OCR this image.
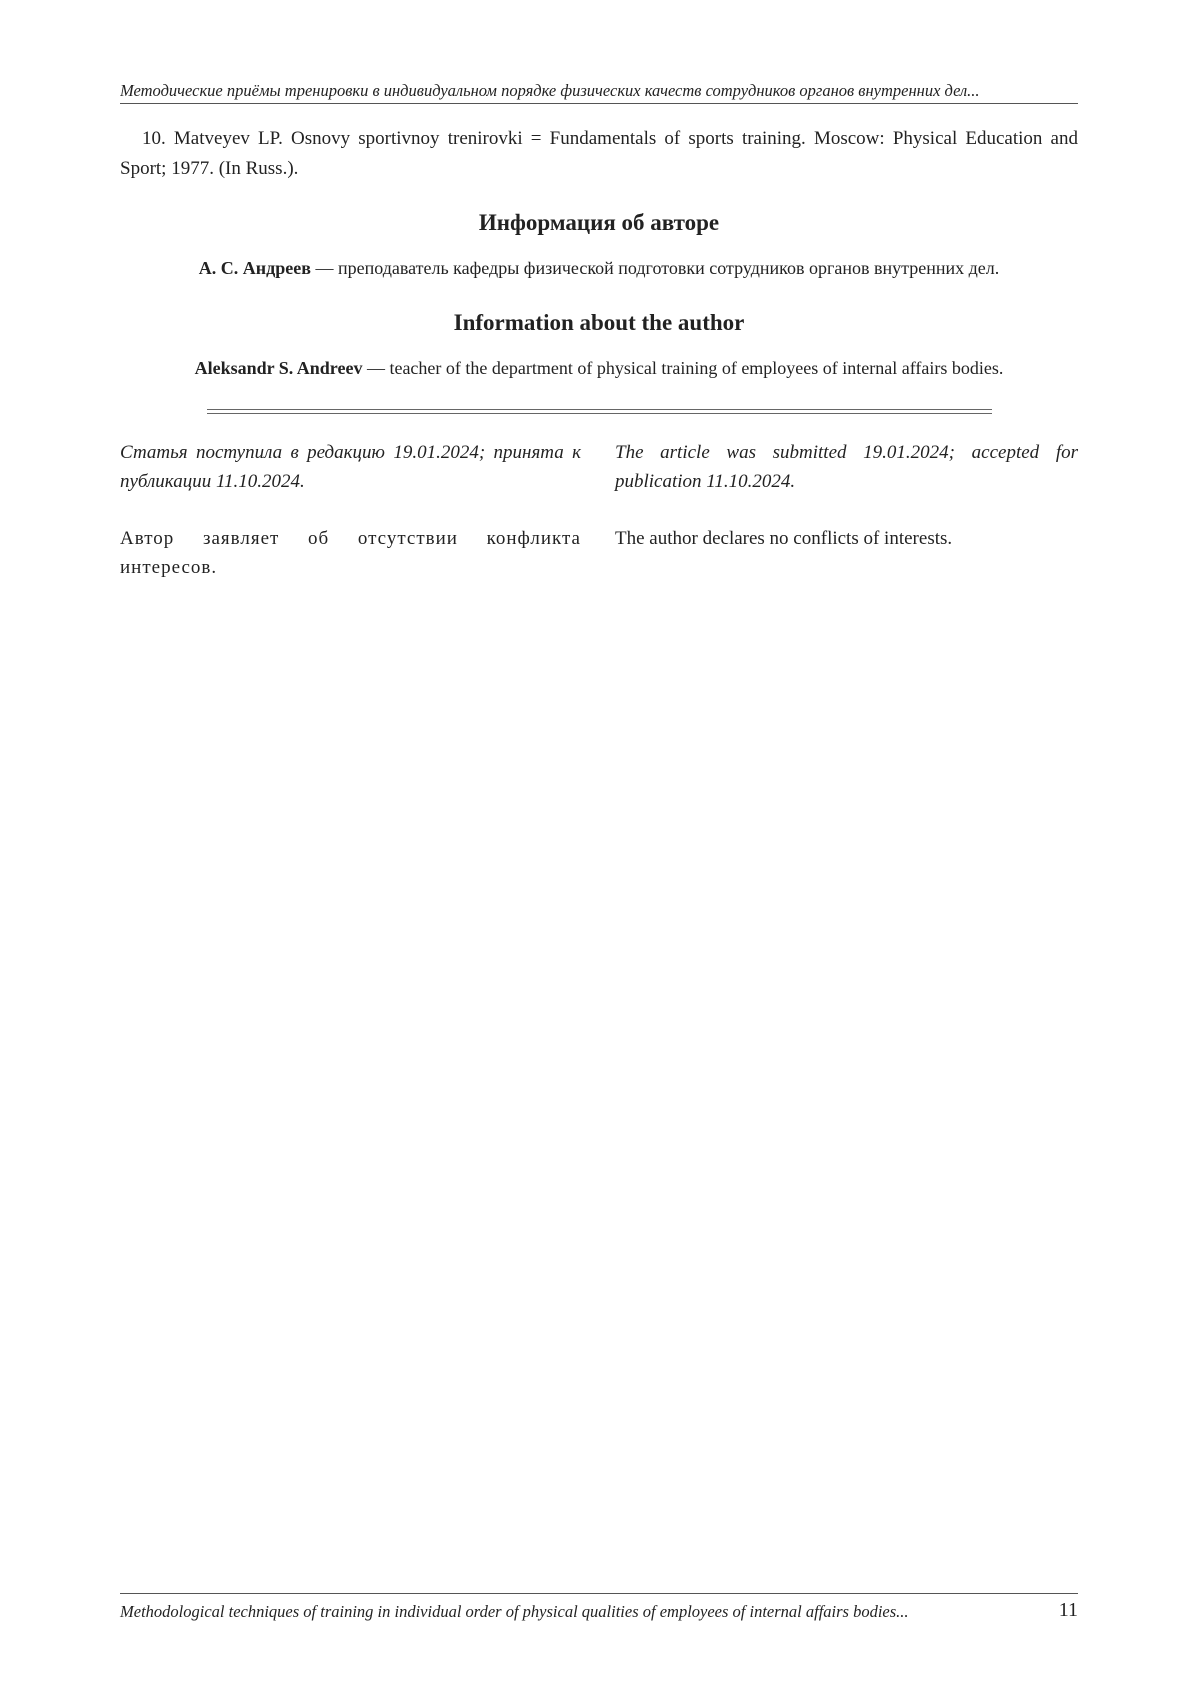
Методические приёмы тренировки в индивидуальном порядке физических качеств сотрудников органов внутренних дел...
10. Matveyev LP. Osnovy sportivnoy trenirovki = Fundamentals of sports training. Moscow: Physical Education and Sport; 1977. (In Russ.).
Информация об авторе
А. С. Андреев — преподаватель кафедры физической подготовки сотрудников органов внутренних дел.
Information about the author
Aleksandr S. Andreev — teacher of the department of physical training of employees of internal affairs bodies.
Статья поступила в редакцию 19.01.2024; принята к публикации 11.10.2024.
The article was submitted 19.01.2024; accepted for publication 11.10.2024.
Автор заявляет об отсутствии конфликта интересов.
The author declares no conflicts of interests.
Methodological techniques of training in individual order of physical qualities of employees of internal affairs bodies...	11
